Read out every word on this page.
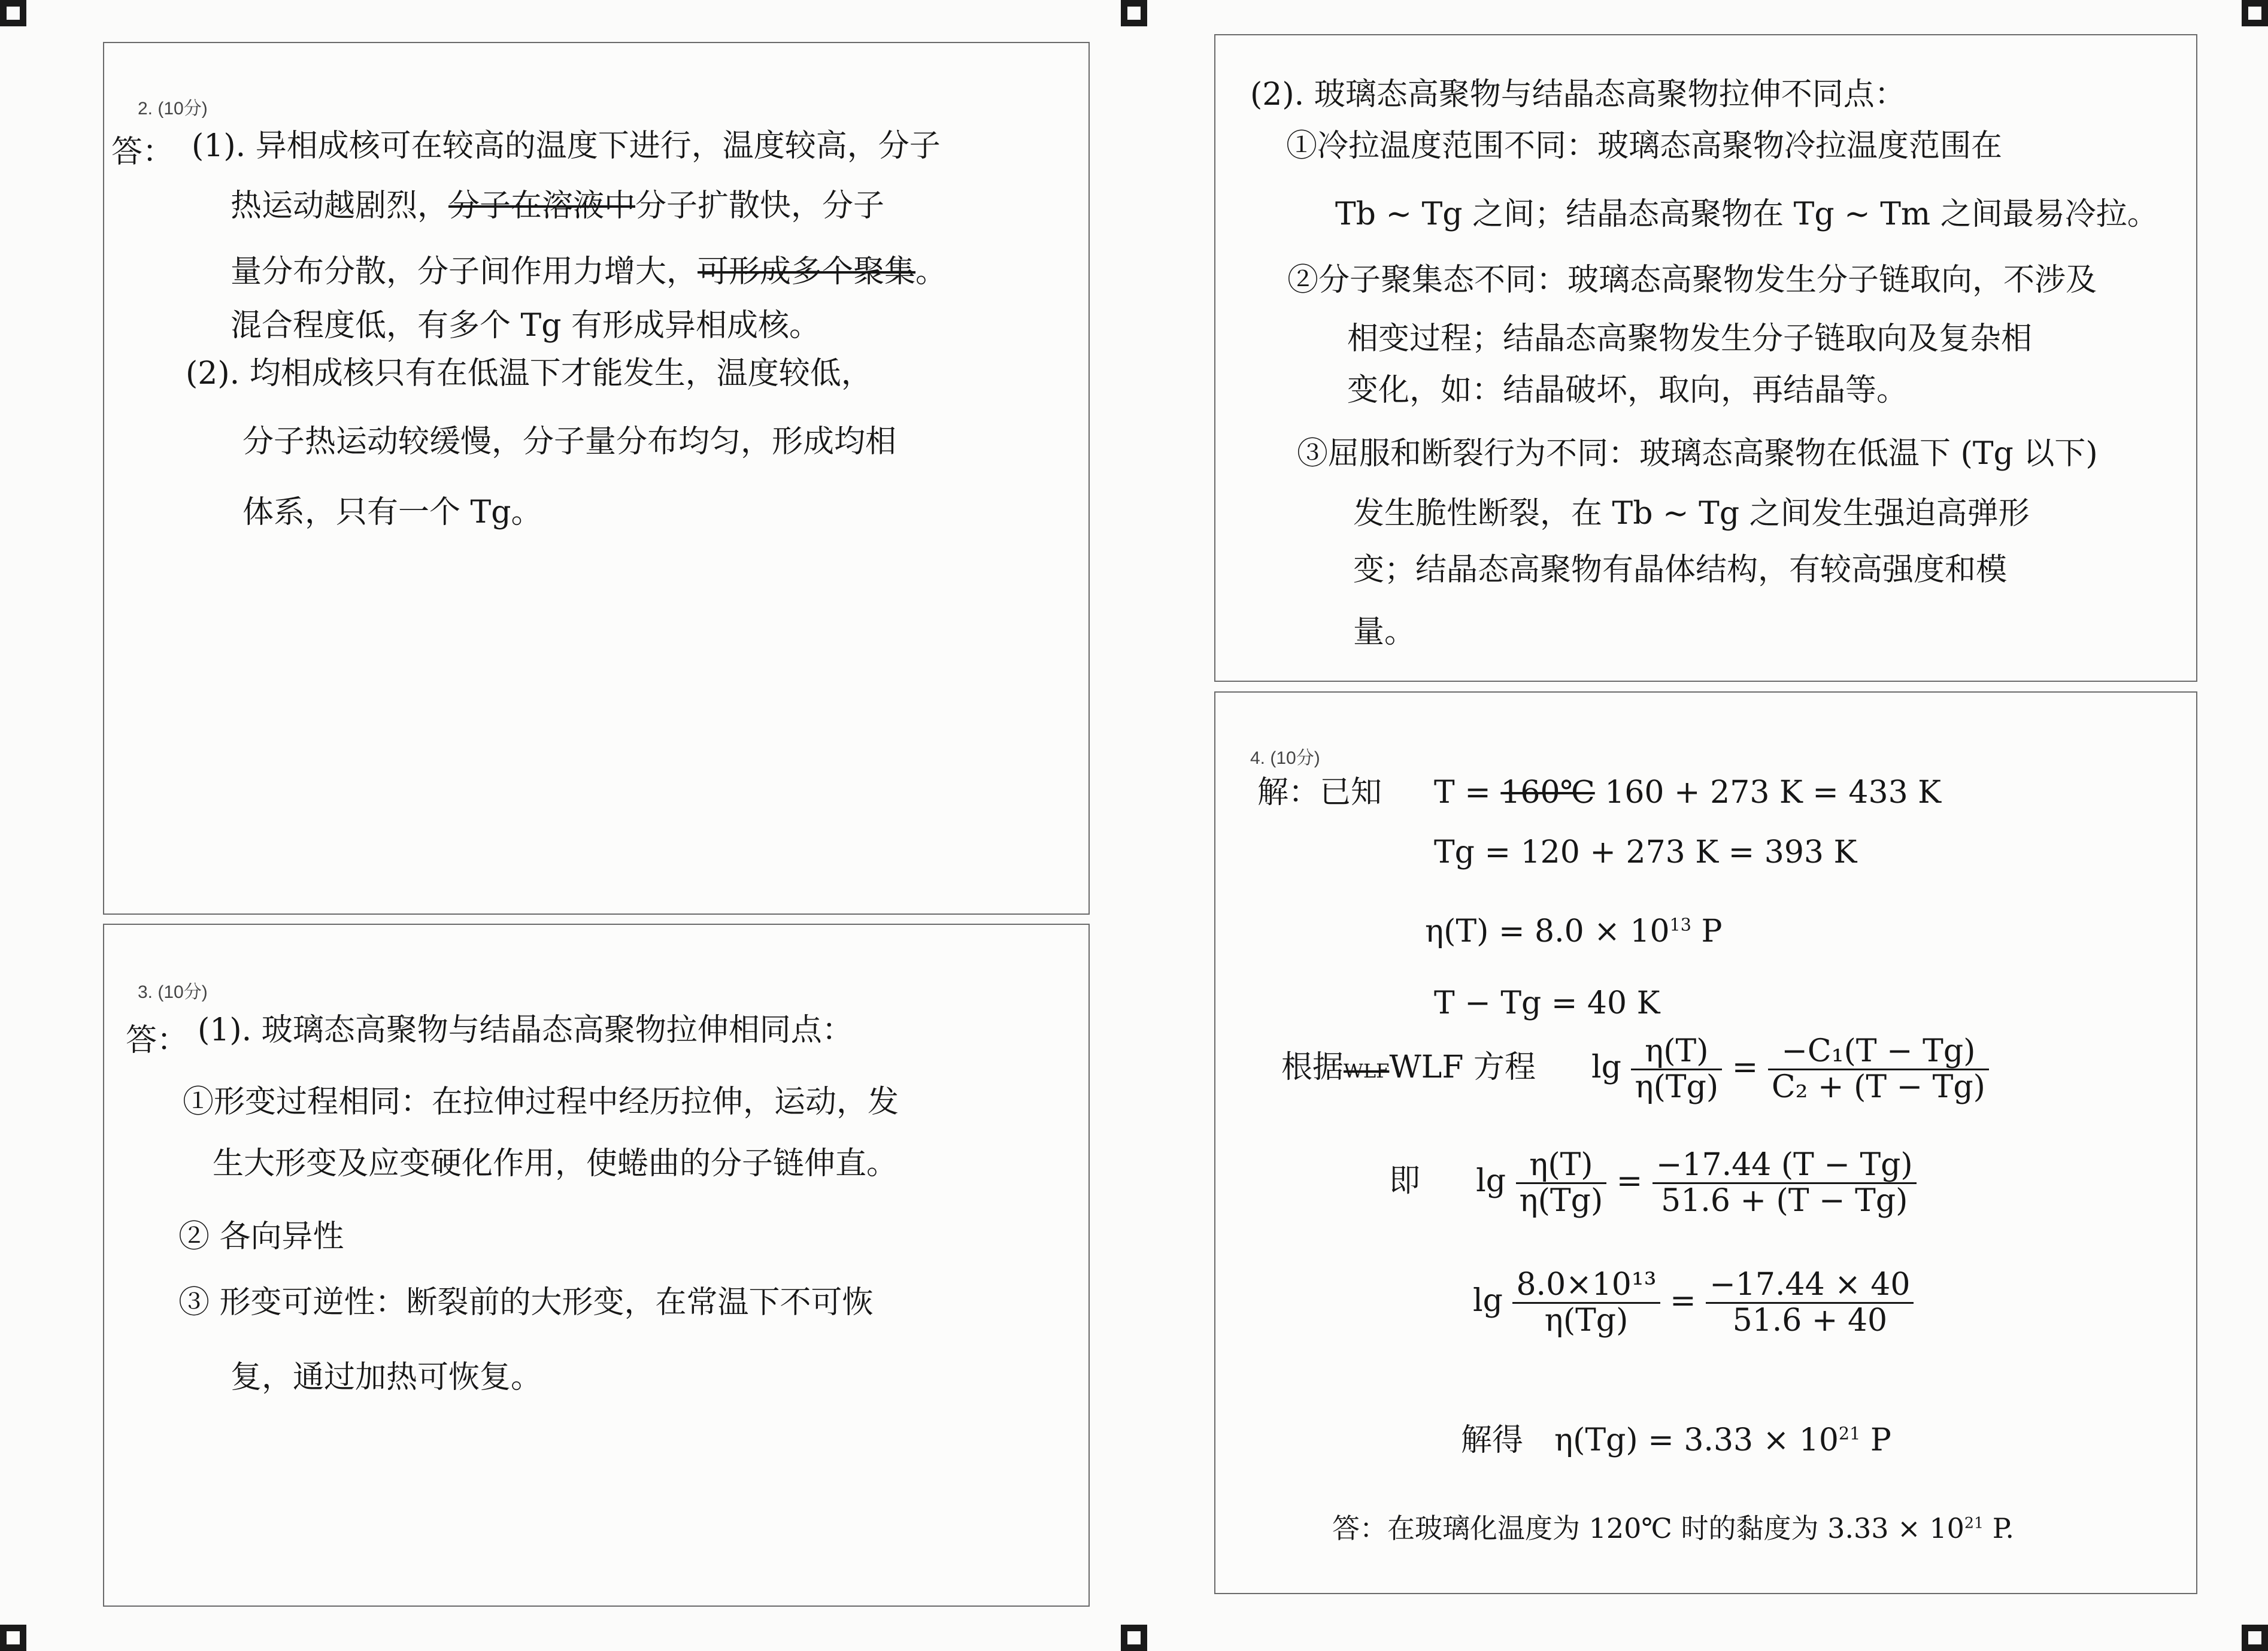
2. (10分)
答： (1). 异相成核可在较高的温度下进行，温度较高，分子
热运动越剧烈，分子在溶液中分子扩散快，分子
量分布分散，分子间作用力增大，可形成多个聚集。
混合程度低，有多个 Tg 有形成异相成核。
(2). 均相成核只有在低温下才能发生，温度较低，
分子热运动较缓慢，分子量分布均匀，形成均相
体系，只有一个 Tg。
3. (10分)
答： (1). 玻璃态高聚物与结晶态高聚物拉伸相同点：
①形变过程相同：在拉伸过程中经历拉伸，运动，发
生大形变及应变硬化作用，使蜷曲的分子链伸直。
② 各向异性
③ 形变可逆性：断裂前的大形变，在常温下不可恢
复，通过加热可恢复。
(2). 玻璃态高聚物与结晶态高聚物拉伸不同点：
①冷拉温度范围不同：玻璃态高聚物冷拉温度范围在
Tb ~ Tg 之间；结晶态高聚物在 Tg ~ Tm 之间最易冷拉。
②分子聚集态不同：玻璃态高聚物发生分子链取向，不涉及
相变过程；结晶态高聚物发生分子链取向及复杂相
变化，如：结晶破坏，取向，再结晶等。
③屈服和断裂行为不同：玻璃态高聚物在低温下 (Tg 以下)
发生脆性断裂，在 Tb ~ Tg 之间发生强迫高弹形
变；结晶态高聚物有晶体结构，有较高强度和模
量。
4. (10分)
解：已知 T = 160℃ 160 + 273 K = 433 K
Tg = 120 + 273 K = 393 K
$\eta(T) = 8.0 \times 10^{13}$ P
T − Tg = 40 K
根据WLFWLF 方程 $\lg \frac{\eta(T)}{\eta(Tg)} = \frac{\text{−C₁(T − Tg)}}{\text{C₂ + (T − Tg)}}$
即 $\lg \frac{\eta(T)}{\eta(Tg)} = \frac{-17.44 (T - Tg)}{51.6 + (T - Tg)}$
$\lg \frac{\text{8.0×10¹³}}{\eta(Tg)} = \frac{-17.44 \times 40}{51.6 + 40}$
解得　$\eta(Tg) = 3.33 \times 10^{21}$ P
答：在玻璃化温度为 120℃ 时的黏度为 $3.33 \times 10^{21}$ P.
